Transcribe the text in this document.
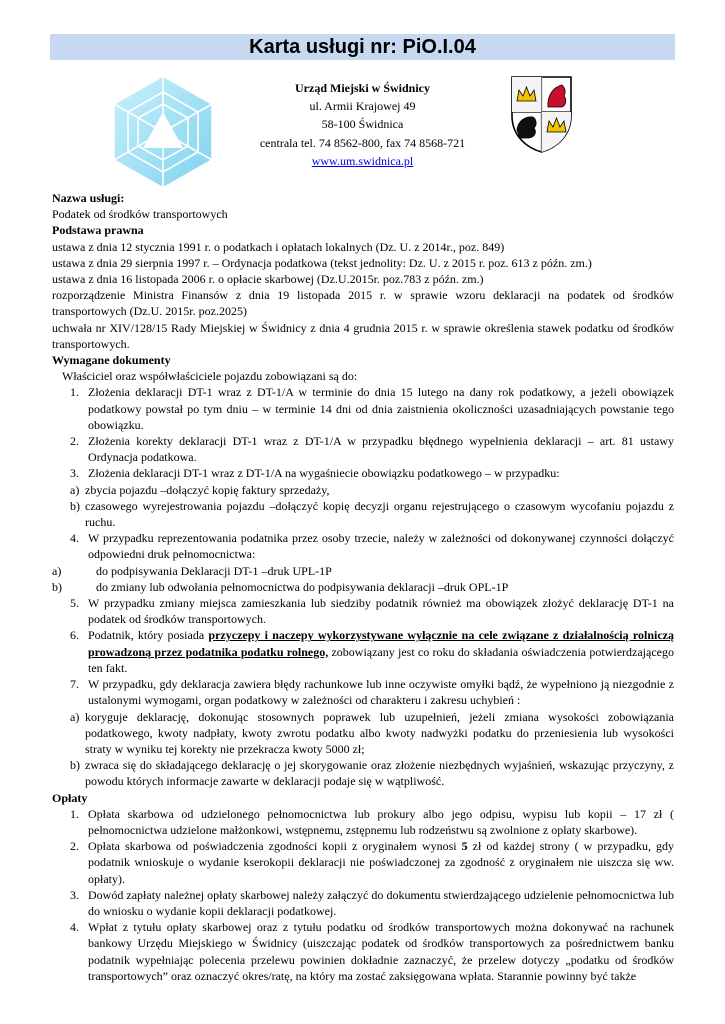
Karta usługi nr: PiO.I.04
Urząd Miejski w Świdnicy
ul. Armii Krajowej 49
58-100 Świdnica
centrala tel. 74 8562-800, fax 74 8568-721
www.um.swidnica.pl

Nazwa usługi:

Podatek od środków transportowych

Podstawa prawna

ustawa z dnia 12 stycznia 1991 r. o podatkach i opłatach lokalnych (Dz. U. z 2014r., poz. 849)

ustawa z dnia 29 sierpnia 1997 r. – Ordynacja podatkowa (tekst jednolity: Dz. U. z 2015 r. poz. 613 z późn. zm.)

ustawa z dnia 16 listopada 2006 r. o opłacie skarbowej (Dz.U.2015r. poz.783 z późn. zm.)

rozporządzenie Ministra Finansów z dnia 19 listopada 2015 r. w sprawie wzoru deklaracji na podatek od środków transportowych (Dz.U. 2015r. poz.2025)

uchwała nr XIV/128/15 Rady Miejskiej w Świdnicy z dnia 4 grudnia 2015 r. w sprawie określenia stawek podatku od środków transportowych.

Wymagane dokumenty

Właściciel oraz współwłaściciele pojazdu zobowiązani są do:

1. Złożenia deklaracji DT-1 wraz z DT-1/A w terminie do dnia 15 lutego na dany rok podatkowy, a jeżeli obowiązek podatkowy powstał po tym dniu – w terminie 14 dni od dnia zaistnienia okoliczności uzasadniających powstanie tego obowiązku.
2. Złożenia korekty deklaracji DT-1 wraz z DT-1/A w przypadku błędnego wypełnienia deklaracji – art. 81 ustawy Ordynacja podatkowa.
3. Złożenia deklaracji DT-1 wraz z DT-1/A na wygaśniecie obowiązku podatkowego – w przypadku:
a) zbycia pojazdu –dołączyć kopię faktury sprzedaży,
b) czasowego wyrejestrowania pojazdu –dołączyć kopię decyzji organu rejestrującego o czasowym wycofaniu pojazdu z ruchu.
4. W przypadku reprezentowania podatnika przez osoby trzecie, należy w zależności od dokonywanej czynności dołączyć odpowiedni druk pełnomocnictwa:
a)	do podpisywania Deklaracji DT-1 –druk UPL-1P
b)	do zmiany lub odwołania pełnomocnictwa do podpisywania deklaracji –druk OPL-1P
5. W przypadku zmiany miejsca zamieszkania lub siedziby podatnik również ma obowiązek złożyć deklarację DT-1 na podatek od środków transportowych.
6. Podatnik, który posiada przyczepy i naczepy wykorzystywane wyłącznie na cele związane z działalnością rolniczą prowadzoną przez podatnika podatku rolnego, zobowiązany jest co roku do składania oświadczenia potwierdzającego ten fakt.
7. W przypadku, gdy deklaracja zawiera błędy rachunkowe lub inne oczywiste omyłki bądź, że wypełniono ją niezgodnie z ustalonymi wymogami, organ podatkowy w zależności od charakteru i zakresu uchybień :
a) koryguje deklarację, dokonując stosownych poprawek lub uzupełnień, jeżeli zmiana wysokości zobowiązania podatkowego, kwoty nadpłaty, kwoty zwrotu podatku albo kwoty nadwyżki podatku do przeniesienia lub wysokości straty w wyniku tej korekty nie przekracza kwoty 5000 zł;
b) zwraca się do składającego deklarację o jej skorygowanie oraz złożenie niezbędnych wyjaśnień, wskazując przyczyny, z powodu których informacje zawarte w deklaracji podaje się w wątpliwość.

Opłaty

1. Opłata skarbowa od udzielonego pełnomocnictwa lub prokury albo jego odpisu, wypisu lub kopii – 17 zł ( pełnomocnictwa udzielone małżonkowi, wstępnemu, zstępnemu lub rodzeństwu są zwolnione z opłaty skarbowe).
2. Opłata skarbowa od poświadczenia zgodności kopii z oryginałem wynosi 5 zł od każdej strony ( w przypadku, gdy podatnik wnioskuje o wydanie kserokopii deklaracji nie poświadczonej za zgodność z oryginałem nie uiszcza się ww. opłaty).
3. Dowód zapłaty należnej opłaty skarbowej należy załączyć do dokumentu stwierdzającego udzielenie pełnomocnictwa lub do wniosku o wydanie kopii deklaracji podatkowej.
4. Wpłat z tytułu opłaty skarbowej oraz z tytułu podatku od środków transportowych można dokonywać na rachunek bankowy Urzędu Miejskiego w Świdnicy (uiszczając podatek od środków transportowych za pośrednictwem banku podatnik wypełniając polecenia przelewu powinien dokładnie zaznaczyć, że przelew dotyczy „podatku od środków transportowych” oraz oznaczyć okres/ratę, na który ma zostać zaksięgowana wpłata. Starannie powinny być także
